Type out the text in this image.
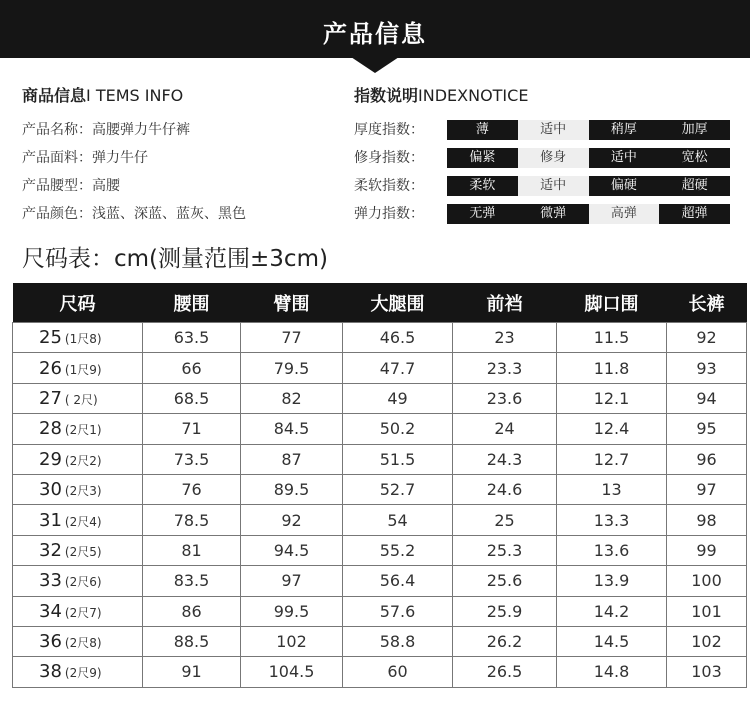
产品信息
商品信息I TEMS INFO
产品名称：高腰弹力牛仔裤
产品面料：弹力牛仔
产品腰型：高腰
产品颜色：浅蓝、深蓝、蓝灰、黑色
指数说明INDEXNOTICE
厚度指数：	薄	适中	稍厚	加厚
修身指数：	偏紧	修身	适中	宽松
柔软指数：	柔软	适中	偏硬	超硬
弹力指数：	无弹	微弹	高弹	超弹
尺码表：cm(测量范围±3cm)
尺码	腰围	臂围	大腿围	前裆	脚口围	长裤
25 (1尺8)	63.5	77	46.5	23	11.5	92
26 (1尺9)	66	79.5	47.7	23.3	11.8	93
27 ( 2尺)	68.5	82	49	23.6	12.1	94
28 (2尺1)	71	84.5	50.2	24	12.4	95
29 (2尺2)	73.5	87	51.5	24.3	12.7	96
30 (2尺3)	76	89.5	52.7	24.6	13	97
31 (2尺4)	78.5	92	54	25	13.3	98
32 (2尺5)	81	94.5	55.2	25.3	13.6	99
33 (2尺6)	83.5	97	56.4	25.6	13.9	100
34 (2尺7)	86	99.5	57.6	25.9	14.2	101
36 (2尺8)	88.5	102	58.8	26.2	14.5	102
38 (2尺9)	91	104.5	60	26.5	14.8	103
